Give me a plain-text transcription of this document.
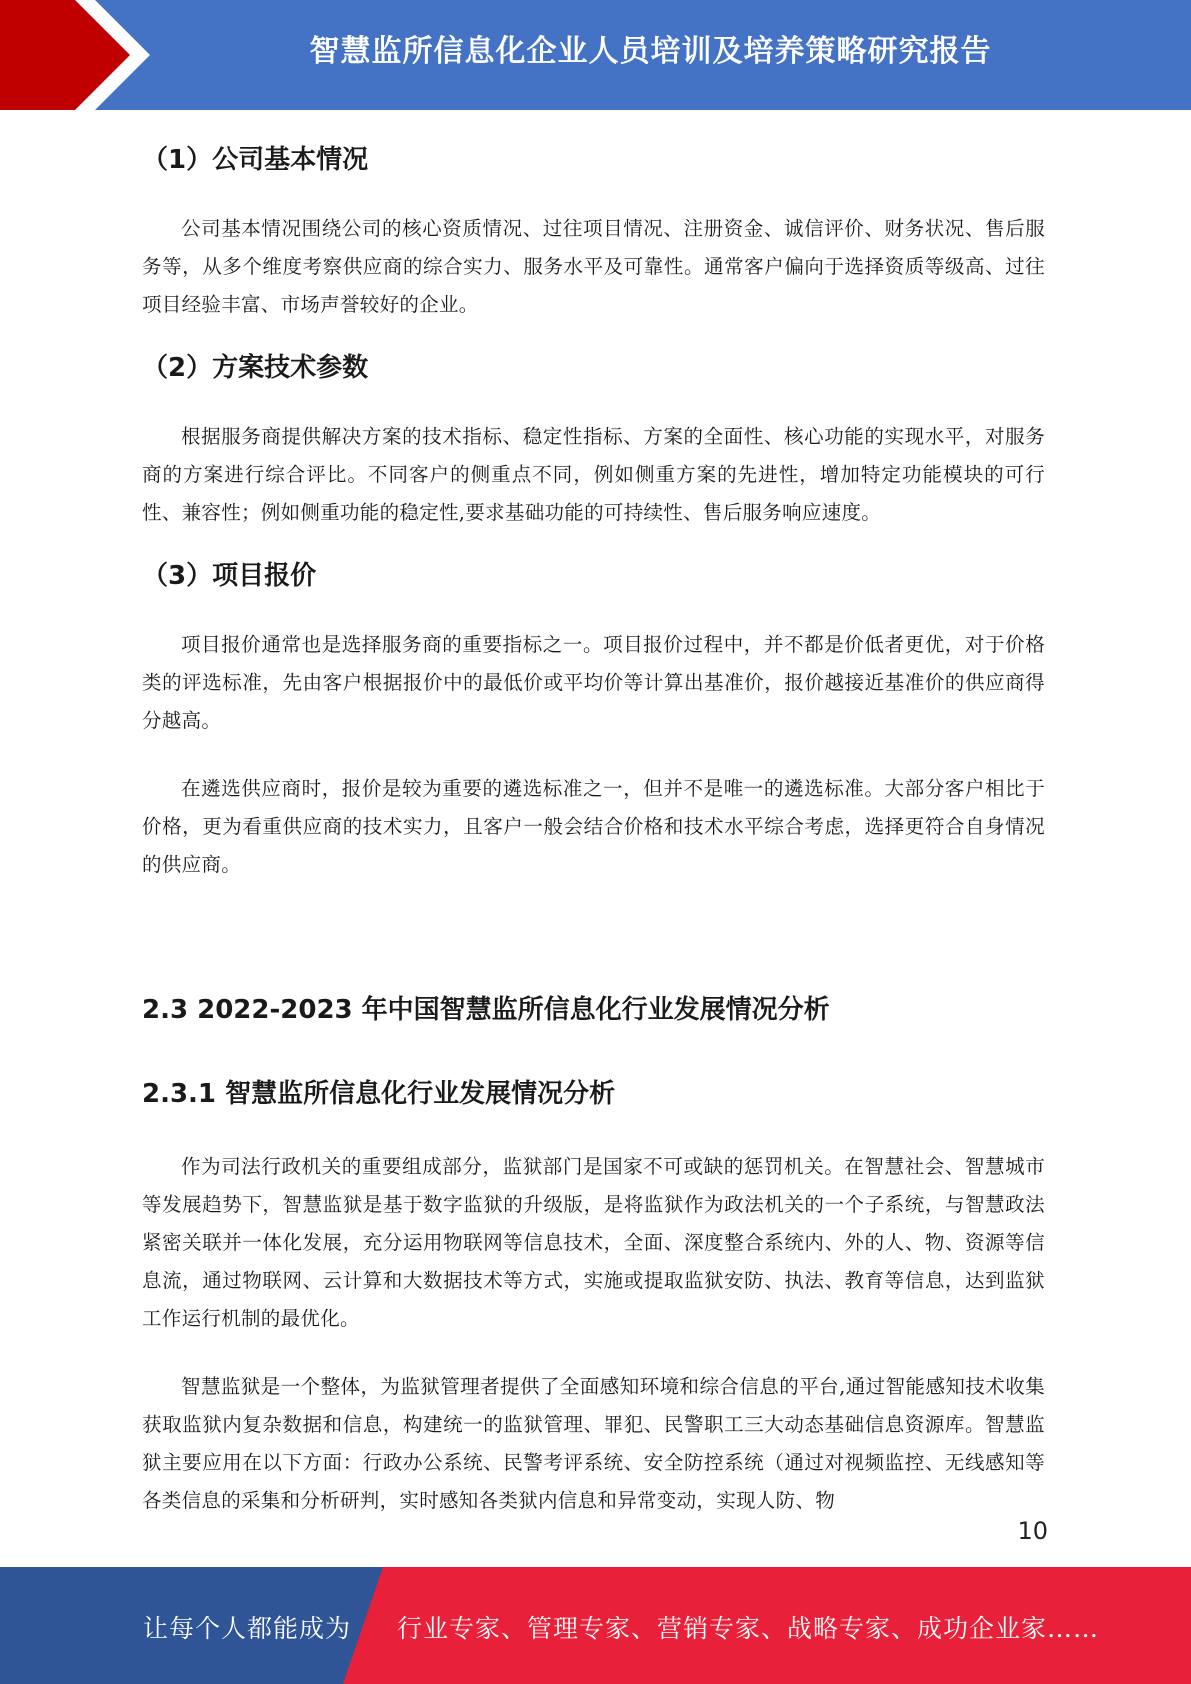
智慧监所信息化企业人员培训及培养策略研究报告
（1）公司基本情况

公司基本情况围绕公司的核心资质情况、过往项目情况、注册资金、诚信评价、财务状况、售后服务等，从多个维度考察供应商的综合实力、服务水平及可靠性。通常客户偏向于选择资质等级高、过往项目经验丰富、市场声誉较好的企业。

（2）方案技术参数

根据服务商提供解决方案的技术指标、稳定性指标、方案的全面性、核心功能的实现水平，对服务商的方案进行综合评比。不同客户的侧重点不同，例如侧重方案的先进性，增加特定功能模块的可行性、兼容性；例如侧重功能的稳定性,要求基础功能的可持续性、售后服务响应速度。

（3）项目报价

项目报价通常也是选择服务商的重要指标之一。项目报价过程中，并不都是价低者更优，对于价格类的评选标准，先由客户根据报价中的最低价或平均价等计算出基准价，报价越接近基准价的供应商得分越高。

在遴选供应商时，报价是较为重要的遴选标准之一，但并不是唯一的遴选标准。大部分客户相比于价格，更为看重供应商的技术实力，且客户一般会结合价格和技术水平综合考虑，选择更符合自身情况的供应商。

2.3 2022-2023 年中国智慧监所信息化行业发展情况分析
2.3.1 智慧监所信息化行业发展情况分析

作为司法行政机关的重要组成部分，监狱部门是国家不可或缺的惩罚机关。在智慧社会、智慧城市等发展趋势下，智慧监狱是基于数字监狱的升级版，是将监狱作为政法机关的一个子系统，与智慧政法紧密关联并一体化发展，充分运用物联网等信息技术，全面、深度整合系统内、外的人、物、资源等信息流，通过物联网、云计算和大数据技术等方式，实施或提取监狱安防、执法、教育等信息，达到监狱工作运行机制的最优化。

智慧监狱是一个整体，为监狱管理者提供了全面感知环境和综合信息的平台,通过智能感知技术收集获取监狱内复杂数据和信息，构建统一的监狱管理、罪犯、民警职工三大动态基础信息资源库。智慧监狱主要应用在以下方面：行政办公系统、民警考评系统、安全防控系统（通过对视频监控、无线感知等各类信息的采集和分析研判，实时感知各类狱内信息和异常变动，实现人防、物

10
让每个人都能成为 行业专家、管理专家、营销专家、战略专家、成功企业家……
